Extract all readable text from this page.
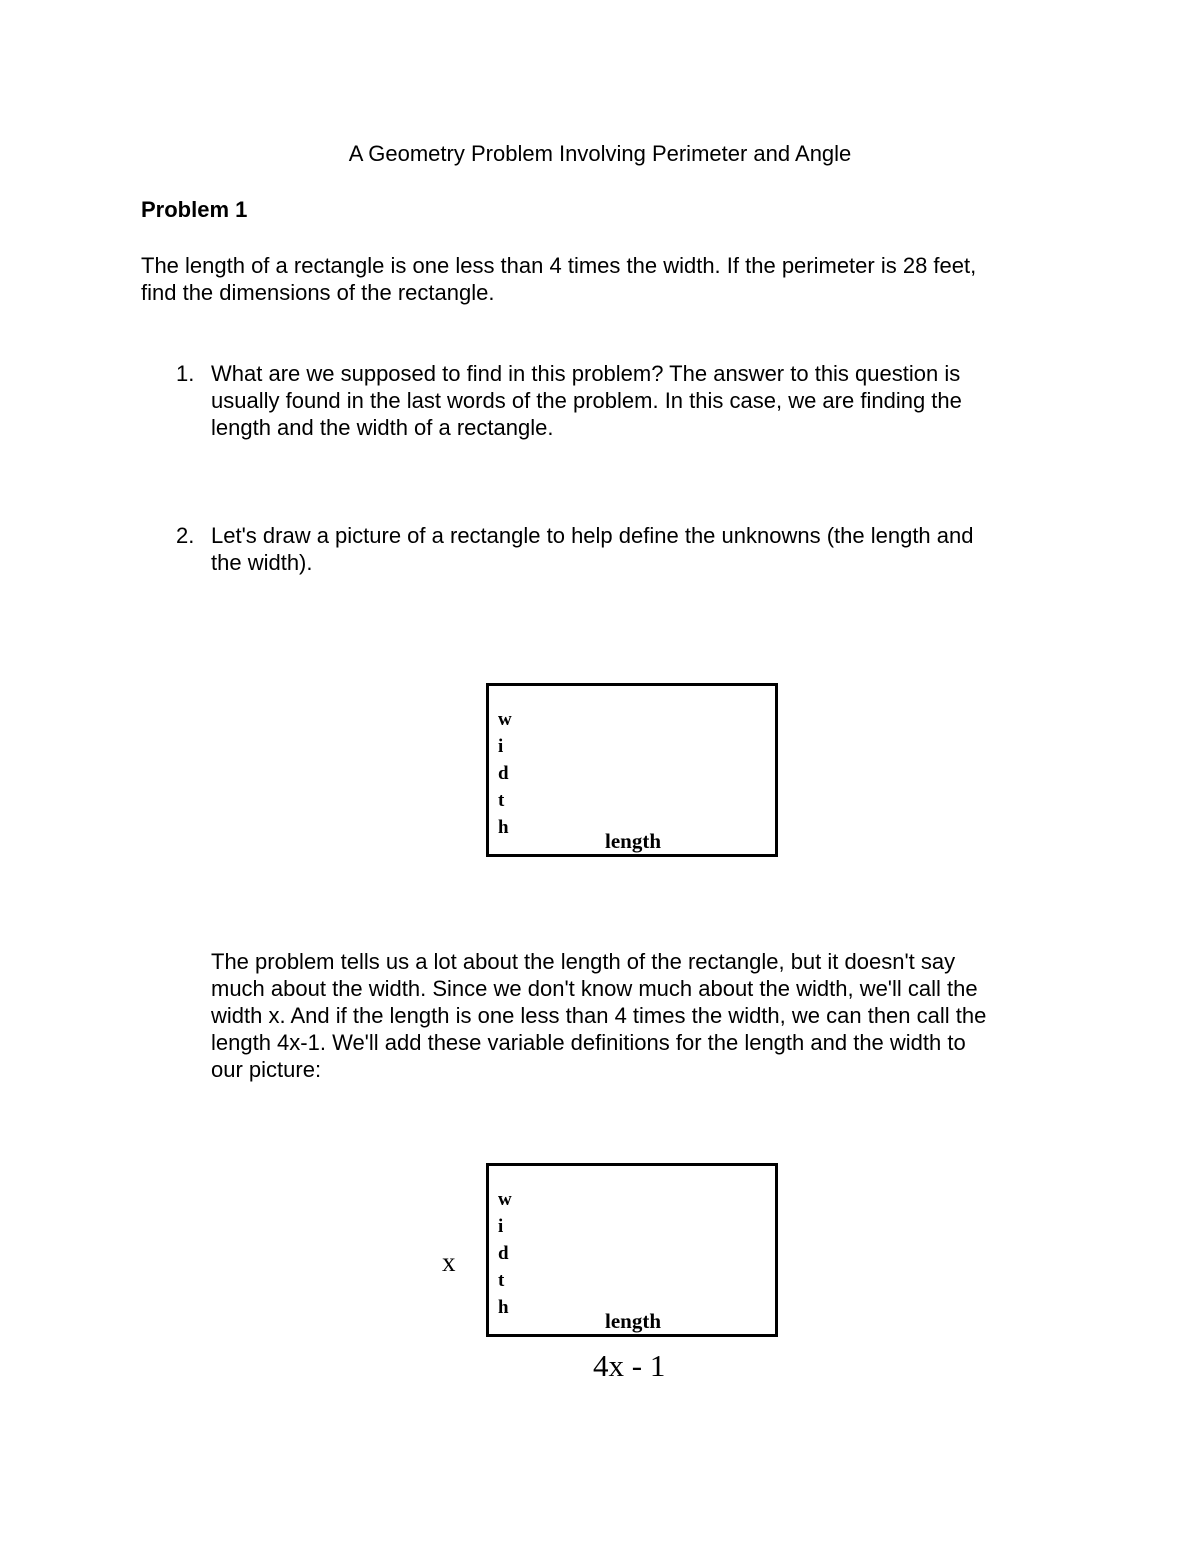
A Geometry Problem Involving Perimeter and Angle
Problem 1
The length of a rectangle is one less than 4 times the width. If the perimeter is 28 feet,
find the dimensions of the rectangle.
1. What are we supposed to find in this problem? The answer to this question is
usually found in the last words of the problem. In this case, we are finding the
length and the width of a rectangle.
2. Let's draw a picture of a rectangle to help define the unknowns (the length and
the width).
w
i
d
t
h
length
The problem tells us a lot about the length of the rectangle, but it doesn't say
much about the width. Since we don't know much about the width, we'll call the
width x. And if the length is one less than 4 times the width, we can then call the
length 4x-1. We'll add these variable definitions for the length and the width to
our picture:
x
w
i
d
t
h
length
4x - 1
